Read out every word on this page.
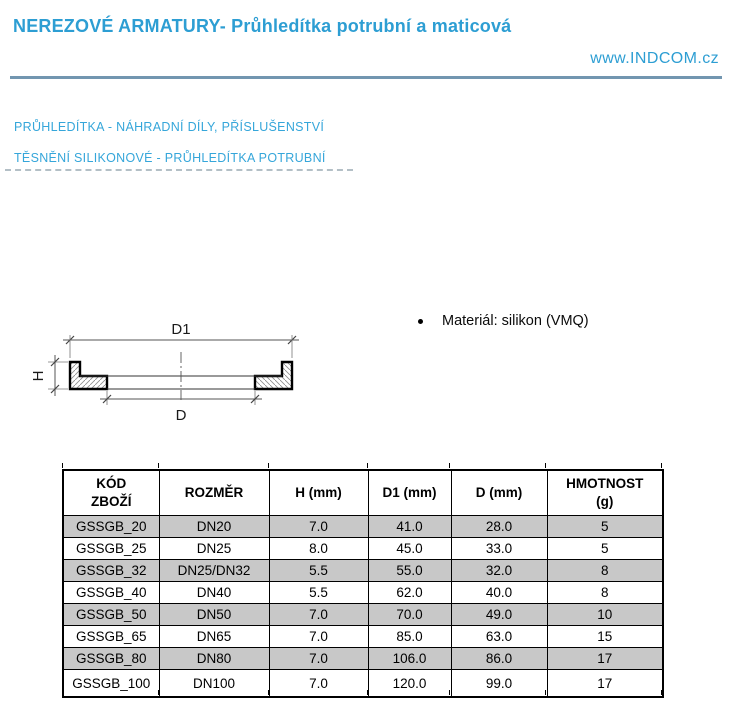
NEREZOVÉ ARMATURY- Průhledítka potrubní a maticová
www.INDCOM.cz
PRŮHLEDÍTKA - NÁHRADNÍ DÍLY, PŘÍSLUŠENSTVÍ
TĚSNĚNÍ SILIKONOVÉ - PRŮHLEDÍTKA POTRUBNÍ
D1
H
D
Materiál: silikon (VMQ)
KÓD
ZBOŽÍ	ROZMĚR	H (mm)	D1 (mm)	D (mm)	HMOTNOST
(g)
GSSGB_20	DN20	7.0	41.0	28.0	5
GSSGB_25	DN25	8.0	45.0	33.0	5
GSSGB_32	DN25/DN32	5.5	55.0	32.0	8
GSSGB_40	DN40	5.5	62.0	40.0	8
GSSGB_50	DN50	7.0	70.0	49.0	10
GSSGB_65	DN65	7.0	85.0	63.0	15
GSSGB_80	DN80	7.0	106.0	86.0	17
GSSGB_100	DN100	7.0	120.0	99.0	17
